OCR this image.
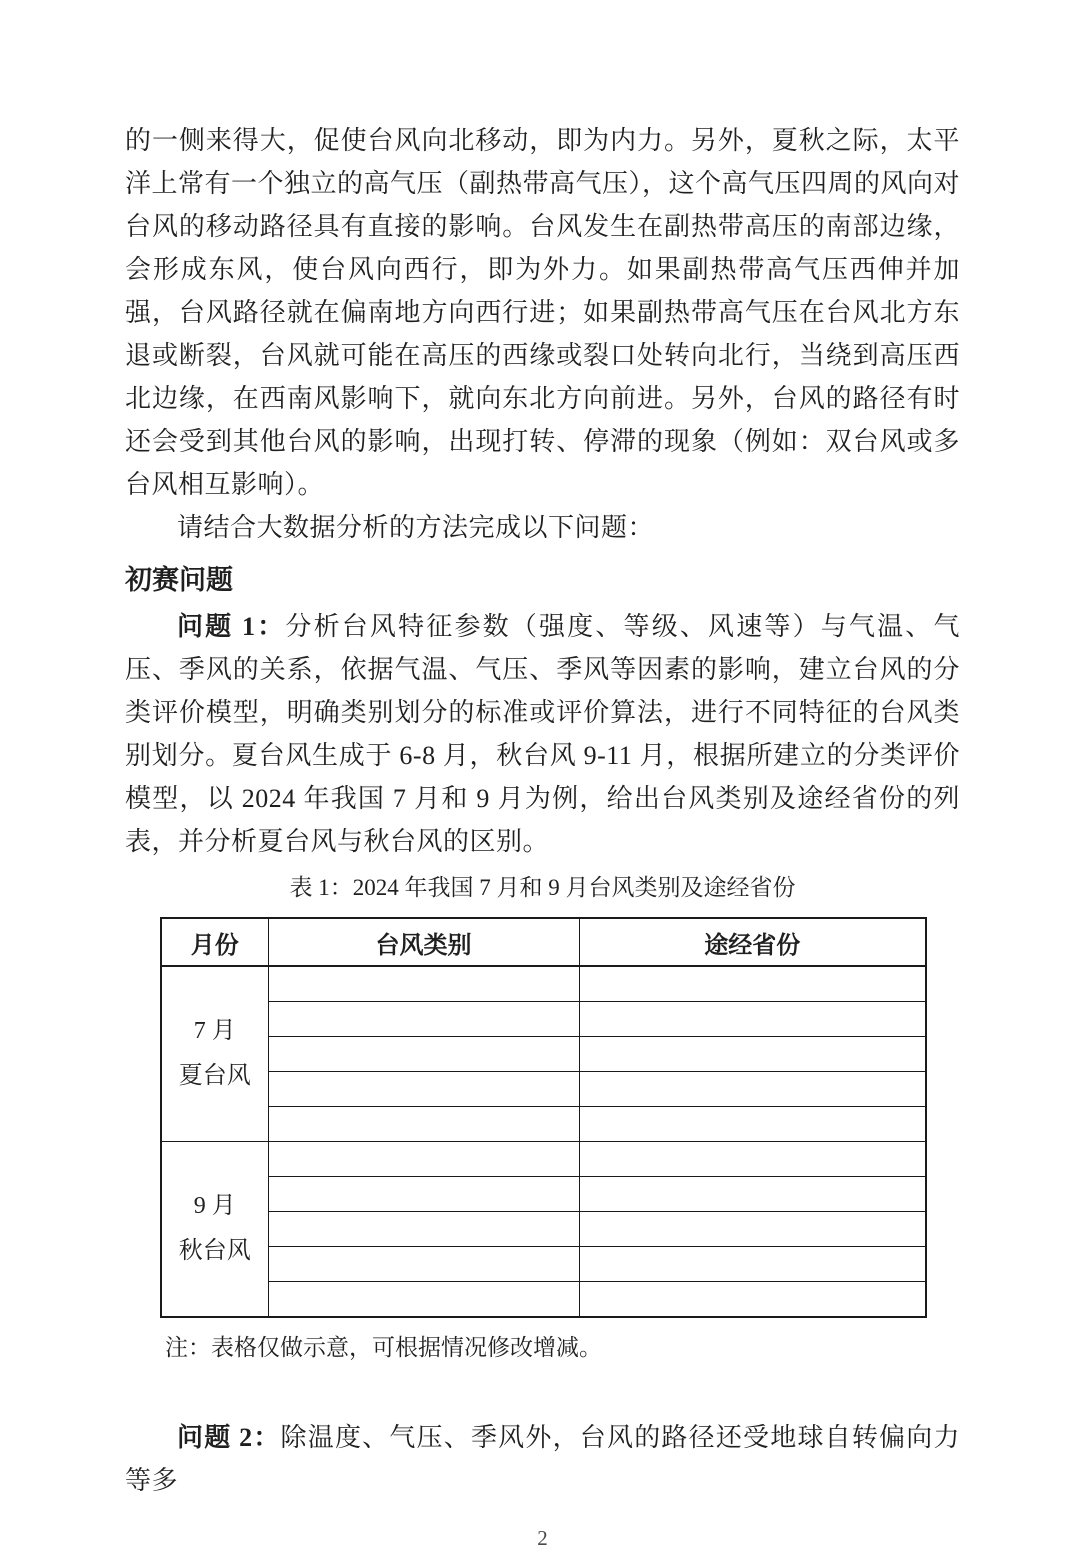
的一侧来得大，促使台风向北移动，即为内力。另外，夏秋之际，太平洋上常有一个独立的高气压（副热带高气压），这个高气压四周的风向对台风的移动路径具有直接的影响。台风发生在副热带高压的南部边缘，会形成东风，使台风向西行，即为外力。如果副热带高气压西伸并加强，台风路径就在偏南地方向西行进；如果副热带高气压在台风北方东退或断裂，台风就可能在高压的西缘或裂口处转向北行，当绕到高压西北边缘，在西南风影响下，就向东北方向前进。另外，台风的路径有时还会受到其他台风的影响，出现打转、停滞的现象（例如：双台风或多台风相互影响）。

请结合大数据分析的方法完成以下问题：

初赛问题

问题 1：分析台风特征参数（强度、等级、风速等）与气温、气压、季风的关系，依据气温、气压、季风等因素的影响，建立台风的分类评价模型，明确类别划分的标准或评价算法，进行不同特征的台风类别划分。夏台风生成于 6-8 月，秋台风 9-11 月，根据所建立的分类评价模型，以 2024 年我国 7 月和 9 月为例，给出台风类别及途经省份的列表，并分析夏台风与秋台风的区别。

表 1：2024 年我国 7 月和 9 月台风类别及途经省份
月份	台风类别	途经省份

7 月
夏台风		

9 月
秋台风		

注：表格仅做示意，可根据情况修改增减。

问题 2：除温度、气压、季风外，台风的路径还受地球自转偏向力等多

2
